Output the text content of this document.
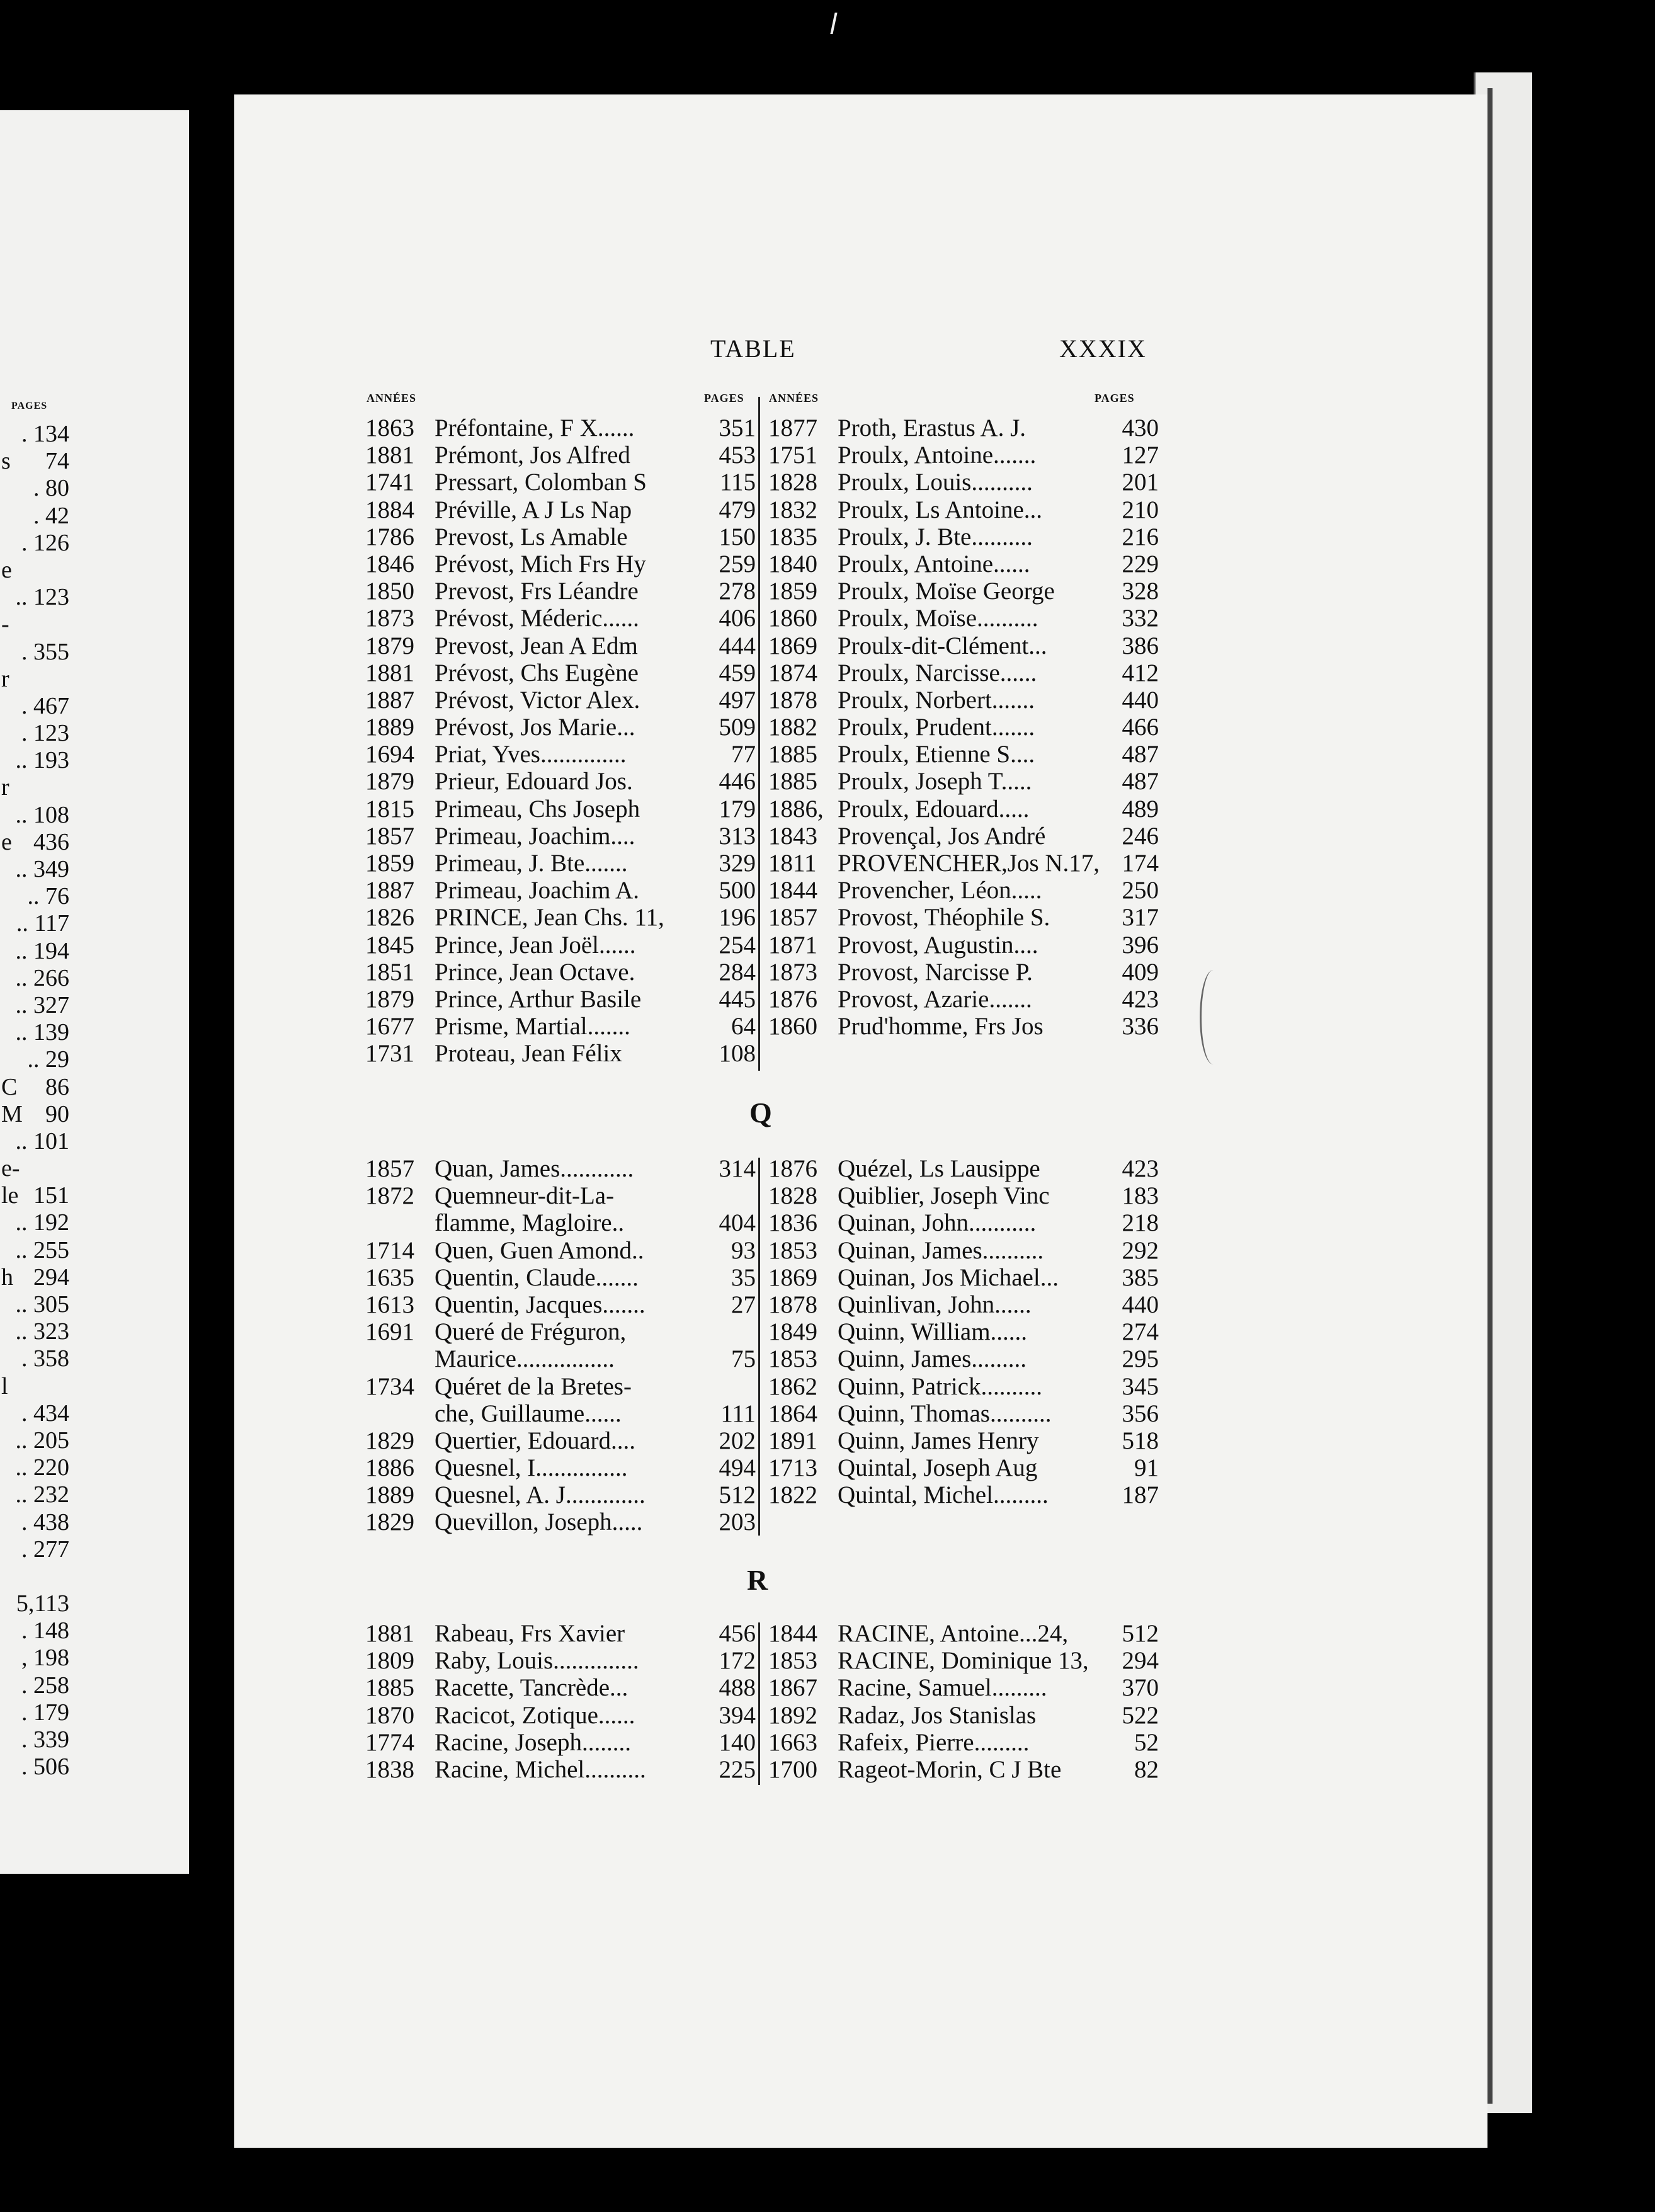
PAGES
. 134
s 74
. 80
. 42
. 126
e
.. 123
-
. 355
r
. 467
. 123
.. 193
r
.. 108
e 436
.. 349
.. 76
.. 117
.. 194
.. 266
.. 327
.. 139
.. 29
C 86
M 90
.. 101
e-
le 151
.. 192
.. 255
h 294
.. 305
.. 323
. 358
l
. 434
.. 205
.. 220
.. 232
. 438
. 277
5,113
. 148
, 198
. 258
. 179
. 339
. 506
TABLE	XXXIX
ANNÉES	PAGES ANNÉES	PAGES
1863 Préfontaine, F X......	351
1881 Prémont, Jos Alfred	453
1741 Pressart, Colomban S	115
1884 Préville, A J Ls Nap	479
1786 Prevost, Ls Amable	150
1846 Prévost, Mich Frs Hy	259
1850 Prevost, Frs Léandre	278
1873 Prévost, Méderic......	406
1879 Prevost, Jean A Edm	444
1881 Prévost, Chs Eugène	459
1887 Prévost, Victor Alex.	497
1889 Prévost, Jos Marie...	509
1694 Priat, Yves..............	77
1879 Prieur, Edouard Jos.	446
1815 Primeau, Chs Joseph	179
1857 Primeau, Joachim....	313
1859 Primeau, J. Bte.......	329
1887 Primeau, Joachim A.	500
1826 PRINCE, Jean Chs. 11, 196
1845 Prince, Jean Joël......	254
1851 Prince, Jean Octave.	284
1879 Prince, Arthur Basile	445
1677 Prisme, Martial.......	64
1731 Proteau, Jean Félix	108
1877 Proth, Erastus A. J.	430
1751 Proulx, Antoine.......	127
1828 Proulx, Louis..........	201
1832 Proulx, Ls Antoine...	210
1835 Proulx, J. Bte..........	216
1840 Proulx, Antoine......	229
1859 Proulx, Moïse George	328
1860 Proulx, Moïse..........	332
1869 Proulx-dit-Clément...	386
1874 Proulx, Narcisse......	412
1878 Proulx, Norbert.......	440
1882 Proulx, Prudent.......	466
1885 Proulx, Etienne S....	487
1885 Proulx, Joseph T.....	487
1886, Proulx, Edouard.....	489
1843 Provençal, Jos André	246
1811 PROVENCHER,Jos N.17, 174
1844 Provencher, Léon.....	250
1857 Provost, Théophile S.	317
1871 Provost, Augustin....	396
1873 Provost, Narcisse P.	409
1876 Provost, Azarie.......	423
1860 Prud'homme, Frs Jos	336
Q
1857 Quan, James............	314
1872 Quemneur-dit-La-
flamme, Magloire..	404
1714 Quen, Guen Amond..	93
1635 Quentin, Claude.......	35
1613 Quentin, Jacques.......	27
1691 Queré de Fréguron,
Maurice................	75
1734 Quéret de la Bretes-
che, Guillaume......	111
1829 Quertier, Edouard....	202
1886 Quesnel, I...............	494
1889 Quesnel, A. J.............	512
1829 Quevillon, Joseph.....	203
1876 Quézel, Ls Lausippe	423
1828 Quiblier, Joseph Vinc	183
1836 Quinan, John...........	218
1853 Quinan, James..........	292
1869 Quinan, Jos Michael...	385
1878 Quinlivan, John......	440
1849 Quinn, William......	274
1853 Quinn, James.........	295
1862 Quinn, Patrick..........	345
1864 Quinn, Thomas..........	356
1891 Quinn, James Henry	518
1713 Quintal, Joseph Aug	91
1822 Quintal, Michel.........	187
R
1881 Rabeau, Frs Xavier	456
1809 Raby, Louis..............	172
1885 Racette, Tancrède...	488
1870 Racicot, Zotique......	394
1774 Racine, Joseph........	140
1838 Racine, Michel..........	225
1844 RACINE, Antoine...24, 512
1853 RACINE, Dominique 13, 294
1867 Racine, Samuel.........	370
1892 Radaz, Jos Stanislas	522
1663 Rafeix, Pierre.........	52
1700 Rageot-Morin, C J Bte	82
